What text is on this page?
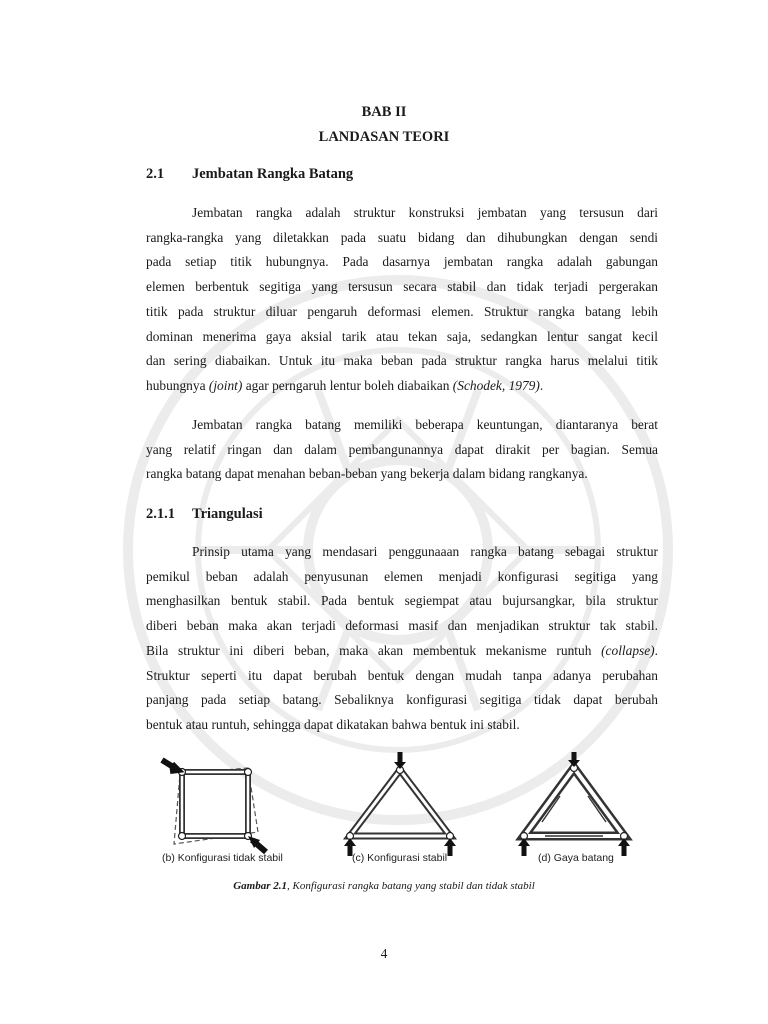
BAB II
LANDASAN TEORI
2.1 Jembatan Rangka Batang
Jembatan rangka adalah struktur konstruksi jembatan yang tersusun dari
rangka-rangka yang diletakkan pada suatu bidang dan dihubungkan dengan sendi
pada setiap titik hubungnya. Pada dasarnya jembatan rangka adalah gabungan
elemen berbentuk segitiga yang tersusun secara stabil dan tidak terjadi pergerakan
titik pada struktur diluar pengaruh deformasi elemen. Struktur rangka batang lebih
dominan menerima gaya aksial tarik atau tekan saja, sedangkan lentur sangat kecil
dan sering diabaikan. Untuk itu maka beban pada struktur rangka harus melalui titik
hubungnya (joint) agar perngaruh lentur boleh diabaikan (Schodek, 1979).
Jembatan rangka batang memiliki beberapa keuntungan, diantaranya berat
yang relatif ringan dan dalam pembangunannya dapat dirakit per bagian. Semua
rangka batang dapat menahan beban-beban yang bekerja dalam bidang rangkanya.
2.1.1 Triangulasi
Prinsip utama yang mendasari penggunaaan rangka batang sebagai struktur
pemikul beban adalah penyusunan elemen menjadi konfigurasi segitiga yang
menghasilkan bentuk stabil. Pada bentuk segiempat atau bujursangkar, bila struktur
diberi beban maka akan terjadi deformasi masif dan menjadikan struktur tak stabil.
Bila struktur ini diberi beban, maka akan membentuk mekanisme runtuh (collapse).
Struktur seperti itu dapat berubah bentuk dengan mudah tanpa adanya perubahan
panjang pada setiap batang. Sebaliknya konfigurasi segitiga tidak dapat berubah
bentuk atau runtuh, sehingga dapat dikatakan bahwa bentuk ini stabil.
(b) Konfigurasi tidak stabil	(c) Konfigurasi stabil	(d) Gaya batang
Gambar 2.1, Konfigurasi rangka batang yang stabil dan tidak stabil
4
